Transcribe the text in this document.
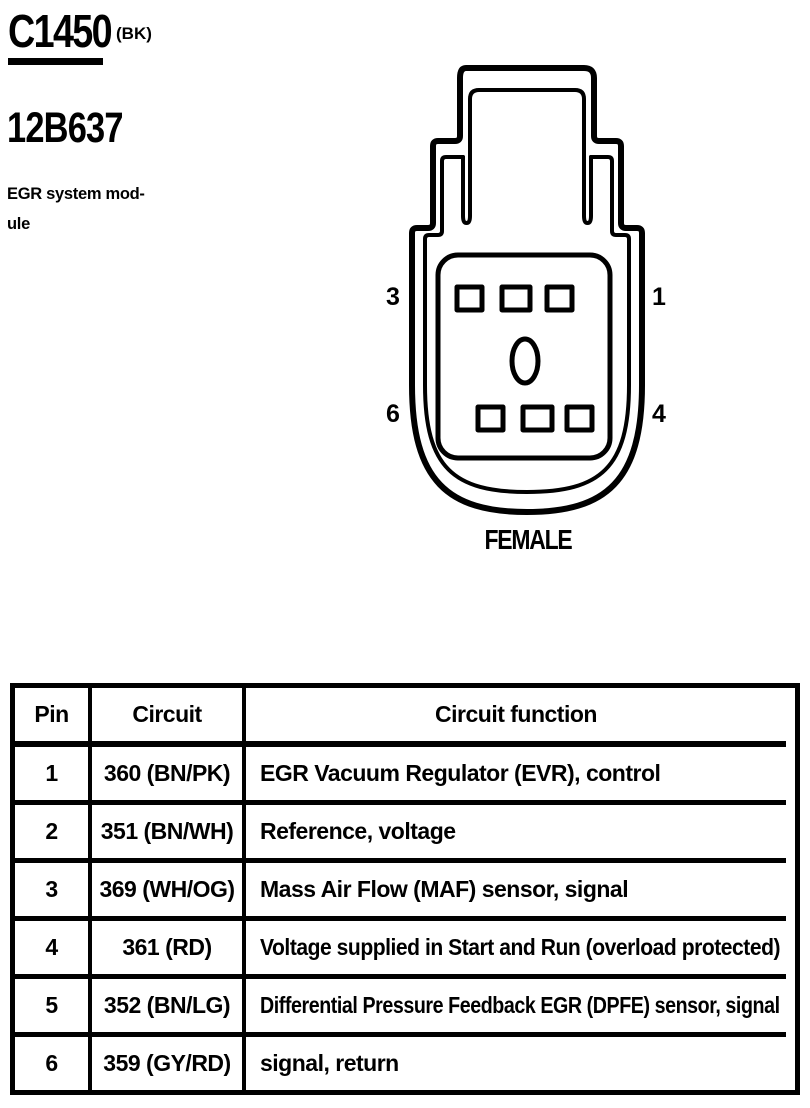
C1450 (BK)
12B637
EGR system mod-
ule
3	1
6	4
FEMALE
Pin	Circuit	Circuit function
1 360 (BN/PK) EGR Vacuum Regulator (EVR), control
2 351 (BN/WH) Reference, voltage
3 369 (WH/OG) Mass Air Flow (MAF) sensor, signal
4	361 (RD) Voltage supplied in Start and Run (overload protected)
5 352 (BN/LG) Differential Pressure Feedback EGR (DPFE) sensor, signal
6 359 (GY/RD) signal, return
